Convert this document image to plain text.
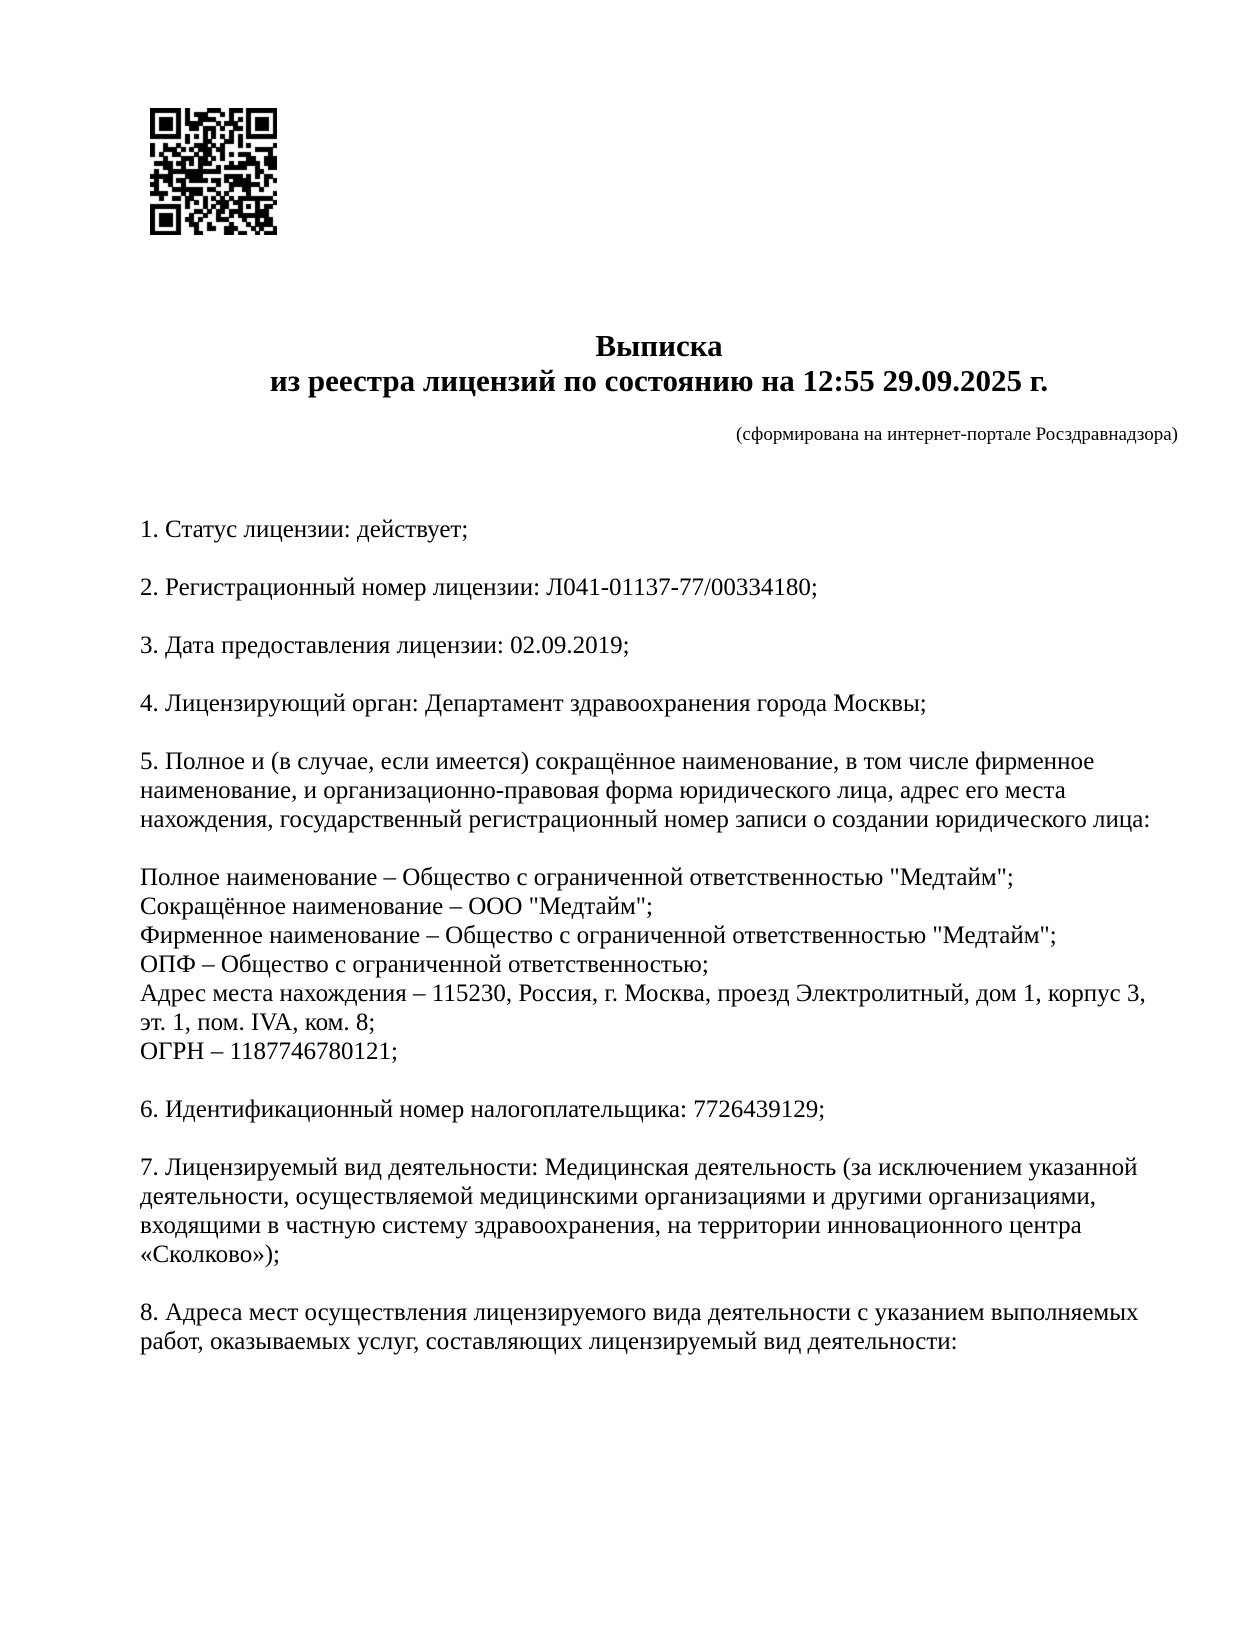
Выписка
из реестра лицензий по состоянию на 12:55 29.09.2025 г.
(сформирована на интернет-портале Росздравнадзора)

1. Статус лицензии: действует;

2. Регистрационный номер лицензии: Л041-01137-77/00334180;

3. Дата предоставления лицензии: 02.09.2019;

4. Лицензирующий орган: Департамент здравоохранения города Москвы;

5. Полное и (в случае, если имеется) сокращённое наименование, в том числе фирменное
наименование, и организационно-правовая форма юридического лица, адрес его места
нахождения, государственный регистрационный номер записи о создании юридического лица:

Полное наименование – Общество с ограниченной ответственностью "Медтайм";
Сокращённое наименование – ООО "Медтайм";
Фирменное наименование – Общество с ограниченной ответственностью "Медтайм";
ОПФ – Общество с ограниченной ответственностью;
Адрес места нахождения – 115230, Россия, г. Москва, проезд Электролитный, дом 1, корпус 3,
эт. 1, пом. IVA, ком. 8;
ОГРН – 1187746780121;

6. Идентификационный номер налогоплательщика: 7726439129;

7. Лицензируемый вид деятельности: Медицинская деятельность (за исключением указанной
деятельности, осуществляемой медицинскими организациями и другими организациями,
входящими в частную систему здравоохранения, на территории инновационного центра
«Сколково»);

8. Адреса мест осуществления лицензируемого вида деятельности с указанием выполняемых
работ, оказываемых услуг, составляющих лицензируемый вид деятельности:
